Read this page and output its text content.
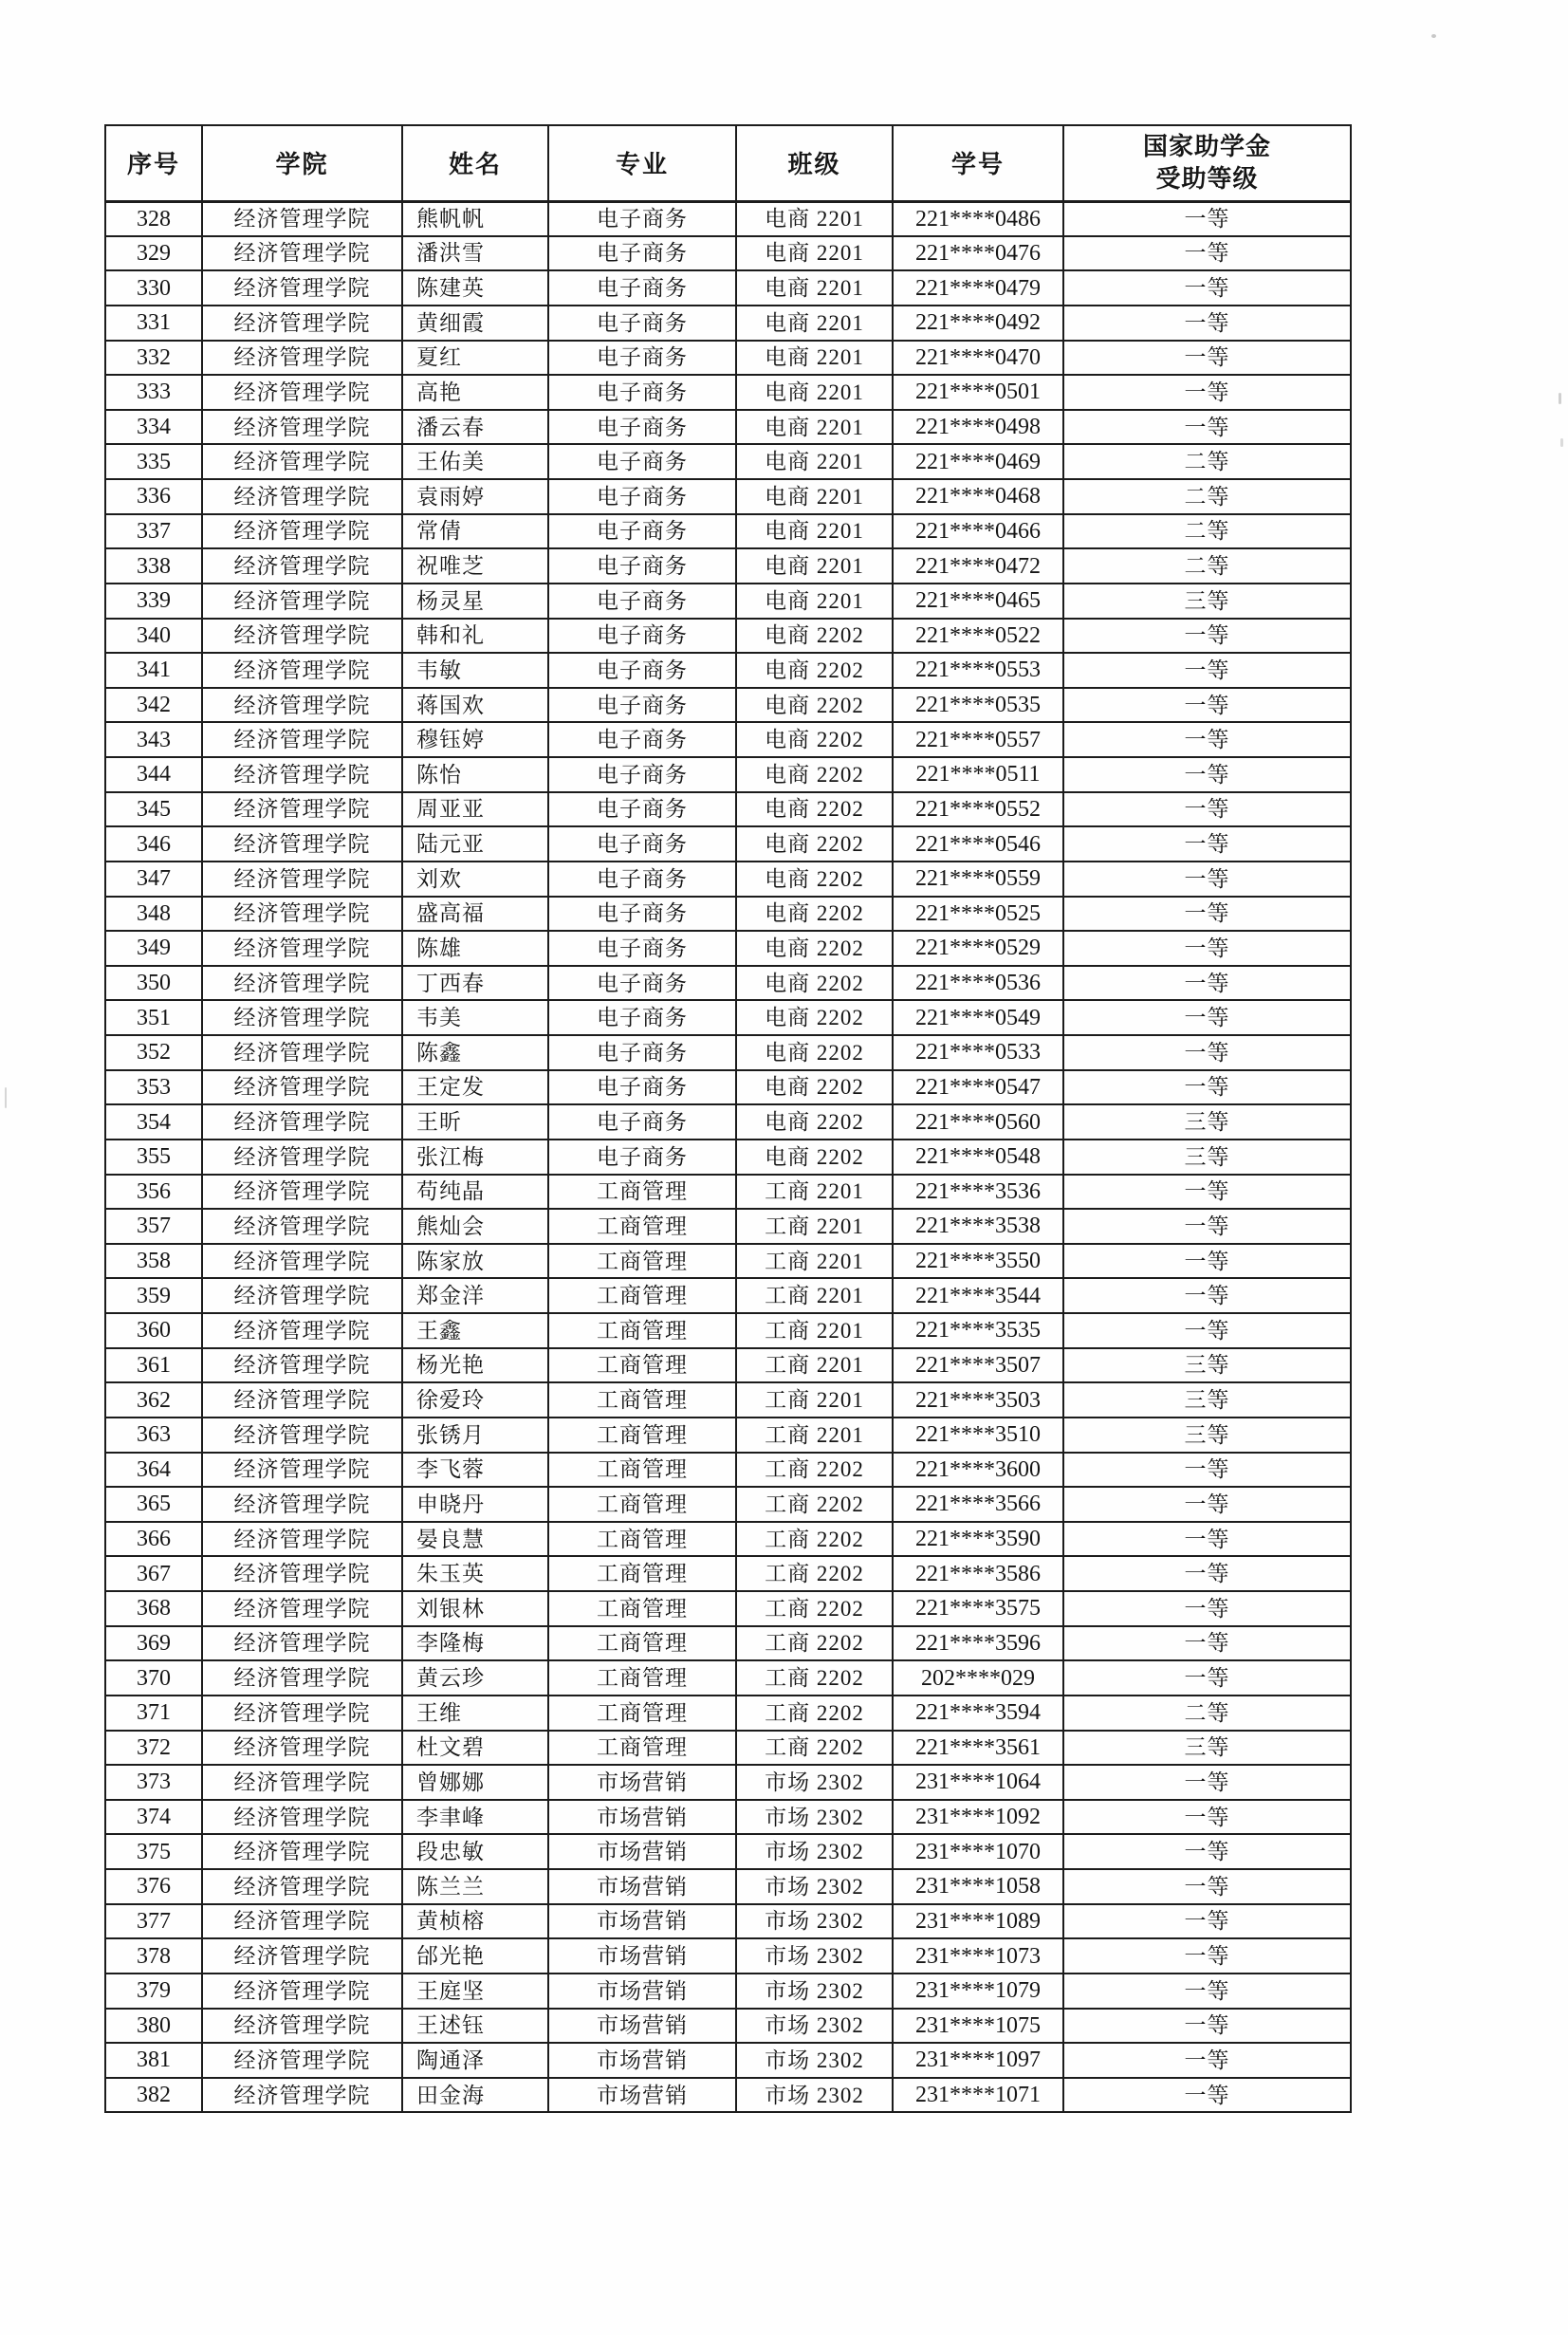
序号	学院	姓名	专业	班级	学号	国家助学金
受助等级

328	经济管理学院	熊帆帆	电子商务	电商 2201	221****0486	一等
329	经济管理学院	潘洪雪	电子商务	电商 2201	221****0476	一等
330	经济管理学院	陈建英	电子商务	电商 2201	221****0479	一等
331	经济管理学院	黄细霞	电子商务	电商 2201	221****0492	一等
332	经济管理学院	夏红	电子商务	电商 2201	221****0470	一等
333	经济管理学院	高艳	电子商务	电商 2201	221****0501	一等
334	经济管理学院	潘云春	电子商务	电商 2201	221****0498	一等
335	经济管理学院	王佑美	电子商务	电商 2201	221****0469	二等
336	经济管理学院	袁雨婷	电子商务	电商 2201	221****0468	二等
337	经济管理学院	常倩	电子商务	电商 2201	221****0466	二等
338	经济管理学院	祝唯芝	电子商务	电商 2201	221****0472	二等
339	经济管理学院	杨灵星	电子商务	电商 2201	221****0465	三等
340	经济管理学院	韩和礼	电子商务	电商 2202	221****0522	一等
341	经济管理学院	韦敏	电子商务	电商 2202	221****0553	一等
342	经济管理学院	蒋国欢	电子商务	电商 2202	221****0535	一等
343	经济管理学院	穆钰婷	电子商务	电商 2202	221****0557	一等
344	经济管理学院	陈怡	电子商务	电商 2202	221****0511	一等
345	经济管理学院	周亚亚	电子商务	电商 2202	221****0552	一等
346	经济管理学院	陆元亚	电子商务	电商 2202	221****0546	一等
347	经济管理学院	刘欢	电子商务	电商 2202	221****0559	一等
348	经济管理学院	盛高福	电子商务	电商 2202	221****0525	一等
349	经济管理学院	陈雄	电子商务	电商 2202	221****0529	一等
350	经济管理学院	丁西春	电子商务	电商 2202	221****0536	一等
351	经济管理学院	韦美	电子商务	电商 2202	221****0549	一等
352	经济管理学院	陈鑫	电子商务	电商 2202	221****0533	一等
353	经济管理学院	王定发	电子商务	电商 2202	221****0547	一等
354	经济管理学院	王昕	电子商务	电商 2202	221****0560	三等
355	经济管理学院	张江梅	电子商务	电商 2202	221****0548	三等
356	经济管理学院	苟纯晶	工商管理	工商 2201	221****3536	一等
357	经济管理学院	熊灿会	工商管理	工商 2201	221****3538	一等
358	经济管理学院	陈家放	工商管理	工商 2201	221****3550	一等
359	经济管理学院	郑金洋	工商管理	工商 2201	221****3544	一等
360	经济管理学院	王鑫	工商管理	工商 2201	221****3535	一等
361	经济管理学院	杨光艳	工商管理	工商 2201	221****3507	三等
362	经济管理学院	徐爱玲	工商管理	工商 2201	221****3503	三等
363	经济管理学院	张锈月	工商管理	工商 2201	221****3510	三等
364	经济管理学院	李飞蓉	工商管理	工商 2202	221****3600	一等
365	经济管理学院	申晓丹	工商管理	工商 2202	221****3566	一等
366	经济管理学院	晏良慧	工商管理	工商 2202	221****3590	一等
367	经济管理学院	朱玉英	工商管理	工商 2202	221****3586	一等
368	经济管理学院	刘银林	工商管理	工商 2202	221****3575	一等
369	经济管理学院	李隆梅	工商管理	工商 2202	221****3596	一等
370	经济管理学院	黄云珍	工商管理	工商 2202	202****029	一等
371	经济管理学院	王维	工商管理	工商 2202	221****3594	二等
372	经济管理学院	杜文碧	工商管理	工商 2202	221****3561	三等
373	经济管理学院	曾娜娜	市场营销	市场 2302	231****1064	一等
374	经济管理学院	李聿峰	市场营销	市场 2302	231****1092	一等
375	经济管理学院	段忠敏	市场营销	市场 2302	231****1070	一等
376	经济管理学院	陈兰兰	市场营销	市场 2302	231****1058	一等
377	经济管理学院	黄桢榕	市场营销	市场 2302	231****1089	一等
378	经济管理学院	邰光艳	市场营销	市场 2302	231****1073	一等
379	经济管理学院	王庭坚	市场营销	市场 2302	231****1079	一等
380	经济管理学院	王述钰	市场营销	市场 2302	231****1075	一等
381	经济管理学院	陶通泽	市场营销	市场 2302	231****1097	一等
382	经济管理学院	田金海	市场营销	市场 2302	231****1071	一等
